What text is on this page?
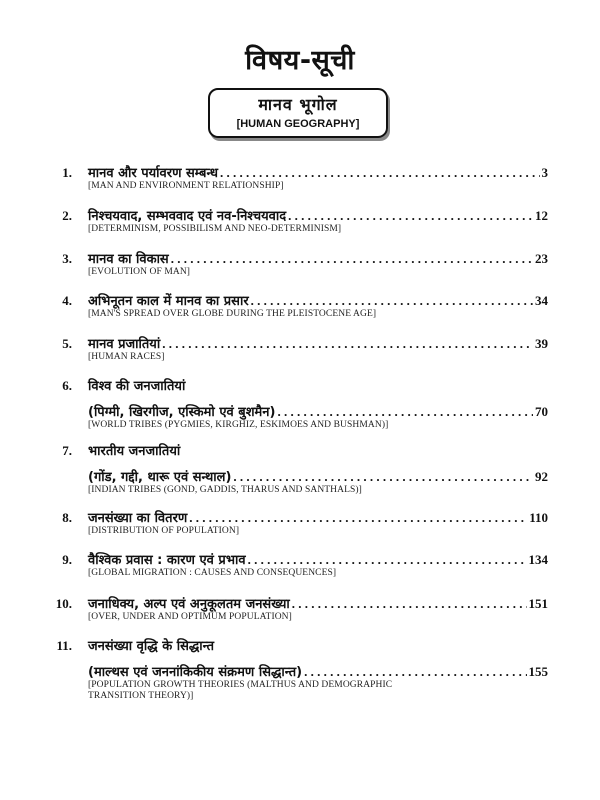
विषय-सूची
मानव भूगोल
[HUMAN GEOGRAPHY]
1. मानव और पर्यावरण सम्बन्ध . . .	3
[MAN AND ENVIRONMENT RELATIONSHIP]
2. निश्चयवाद, सम्भववाद एवं नव-निश्चयवाद . . .	12
[DETERMINISM, POSSIBILISM AND NEO-DETERMINISM]
3. मानव का विकास . . .	23
[EVOLUTION OF MAN]
4. अभिनूतन काल में मानव का प्रसार . . .	34
[MAN'S SPREAD OVER GLOBE DURING THE PLEISTOCENE AGE]
5. मानव प्रजातियां . . .	39
[HUMAN RACES]
6. विश्व की जनजातियां
(पिग्मी, खिरगीज, एस्किमो एवं बुशमैन) . . .	70
[WORLD TRIBES (PYGMIES, KIRGHIZ, ESKIMOES AND BUSHMAN)]
7. भारतीय जनजातियां
(गोंड, गद्दी, थारू एवं सन्थाल) . . .	92
[INDIAN TRIBES (GOND, GADDIS, THARUS AND SANTHALS)]
8. जनसंख्या का वितरण . . .	110
[DISTRIBUTION OF POPULATION]
9. वैश्विक प्रवास : कारण एवं प्रभाव . . .	134
[GLOBAL MIGRATION : CAUSES AND CONSEQUENCES]
10. जनाधिक्य, अल्प एवं अनुकूलतम जनसंख्या . . .	151
[OVER, UNDER AND OPTIMUM POPULATION]
11. जनसंख्या वृद्धि के सिद्धान्त
(माल्थस एवं जननांकिकीय संक्रमण सिद्धान्त) . . .	155
[POPULATION GROWTH THEORIES (MALTHUS AND DEMOGRAPHIC
TRANSITION THEORY)]
